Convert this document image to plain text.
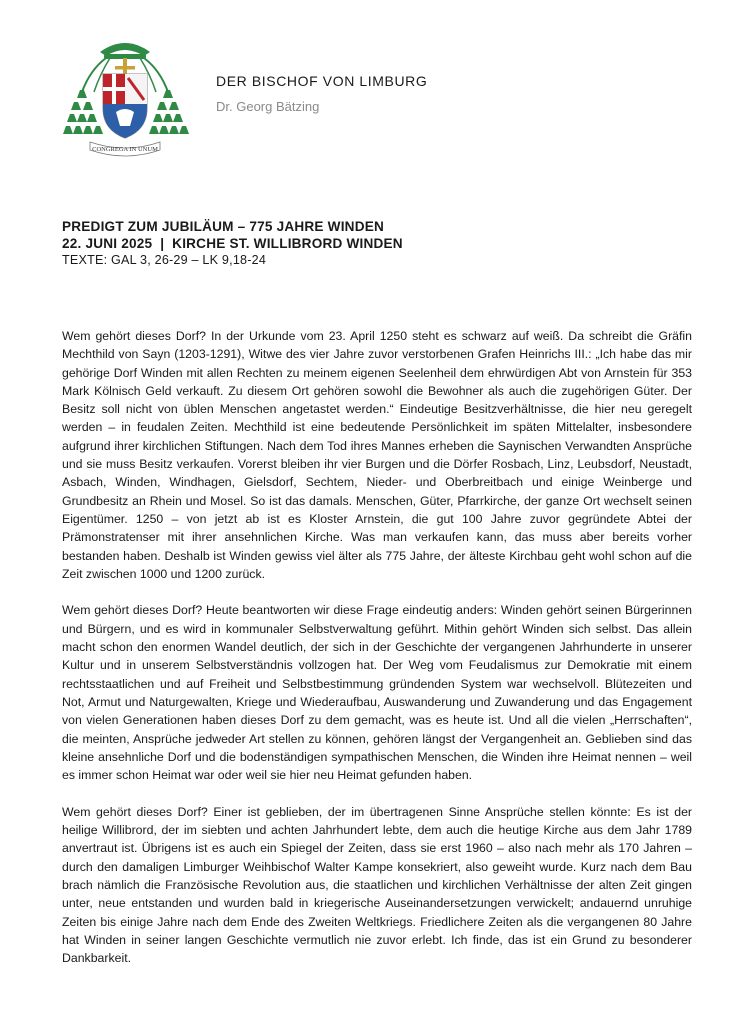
CONGREGA IN UNUM
DER BISCHOF VON LIMBURG
Dr. Georg Bätzing
PREDIGT ZUM JUBILÄUM – 775 JAHRE WINDEN
22. JUNI 2025  |  KIRCHE ST. WILLIBRORD WINDEN
TEXTE: GAL 3, 26-29 – LK 9,18-24

Wem gehört dieses Dorf? In der Urkunde vom 23. April 1250 steht es schwarz auf weiß. Da schreibt die Gräfin Mechthild von Sayn (1203-1291), Witwe des vier Jahre zuvor verstorbenen Grafen Heinrichs III.: „Ich habe das mir gehörige Dorf Winden mit allen Rechten zu meinem eigenen Seelenheil dem ehrwürdigen Abt von Arnstein für 353 Mark Kölnisch Geld verkauft. Zu diesem Ort gehören sowohl die Bewohner als auch die zugehörigen Güter. Der Besitz soll nicht von üblen Menschen angetastet werden.“ Eindeutige Besitzverhältnisse, die hier neu geregelt werden – in feudalen Zeiten. Mechthild ist eine bedeutende Persönlichkeit im späten Mittelalter, insbesondere aufgrund ihrer kirchlichen Stiftungen. Nach dem Tod ihres Mannes erheben die Saynischen Verwandten Ansprüche und sie muss Besitz verkaufen. Vorerst bleiben ihr vier Burgen und die Dörfer Rosbach, Linz, Leubsdorf, Neustadt, Asbach, Winden, Windhagen, Gielsdorf, Sechtem, Nieder- und Oberbreitbach und einige Weinberge und Grundbesitz an Rhein und Mosel. So ist das damals. Menschen, Güter, Pfarrkirche, der ganze Ort wechselt seinen Eigentümer. 1250 – von jetzt ab ist es Kloster Arnstein, die gut 100 Jahre zuvor gegründete Abtei der Prämonstratenser mit ihrer ansehnlichen Kirche. Was man verkaufen kann, das muss aber bereits vorher bestanden haben. Deshalb ist Winden gewiss viel älter als 775 Jahre, der älteste Kirchbau geht wohl schon auf die Zeit zwischen 1000 und 1200 zurück.

Wem gehört dieses Dorf? Heute beantworten wir diese Frage eindeutig anders: Winden gehört seinen Bürgerinnen und Bürgern, und es wird in kommunaler Selbstverwaltung geführt. Mithin gehört Winden sich selbst. Das allein macht schon den enormen Wandel deutlich, der sich in der Geschichte der vergangenen Jahrhunderte in unserer Kultur und in unserem Selbstverständnis vollzogen hat. Der Weg vom Feudalismus zur Demokratie mit einem rechtsstaatlichen und auf Freiheit und Selbstbestimmung gründenden System war wechselvoll. Blütezeiten und Not, Armut und Naturgewalten, Kriege und Wiederaufbau, Auswanderung und Zuwanderung und das Engagement von vielen Generationen haben dieses Dorf zu dem gemacht, was es heute ist. Und all die vielen „Herrschaften“, die meinten, Ansprüche jedweder Art stellen zu können, gehören längst der Vergangenheit an. Geblieben sind das kleine ansehnliche Dorf und die bodenständigen sympathischen Menschen, die Winden ihre Heimat nennen – weil es immer schon Heimat war oder weil sie hier neu Heimat gefunden haben.

Wem gehört dieses Dorf? Einer ist geblieben, der im übertragenen Sinne Ansprüche stellen könnte: Es ist der heilige Willibrord, der im siebten und achten Jahrhundert lebte, dem auch die heutige Kirche aus dem Jahr 1789 anvertraut ist. Übrigens ist es auch ein Spiegel der Zeiten, dass sie erst 1960 – also nach mehr als 170 Jahren – durch den damaligen Limburger Weihbischof Walter Kampe konsekriert, also geweiht wurde. Kurz nach dem Bau brach nämlich die Französische Revolution aus, die staatlichen und kirchlichen Verhältnisse der alten Zeit gingen unter, neue entstanden und wurden bald in kriegerische Auseinandersetzungen verwickelt; andauernd unruhige Zeiten bis einige Jahre nach dem Ende des Zweiten Weltkriegs. Friedlichere Zeiten als die vergangenen 80 Jahre hat Winden in seiner langen Geschichte vermutlich nie zuvor erlebt. Ich finde, das ist ein Grund zu besonderer Dankbarkeit.
